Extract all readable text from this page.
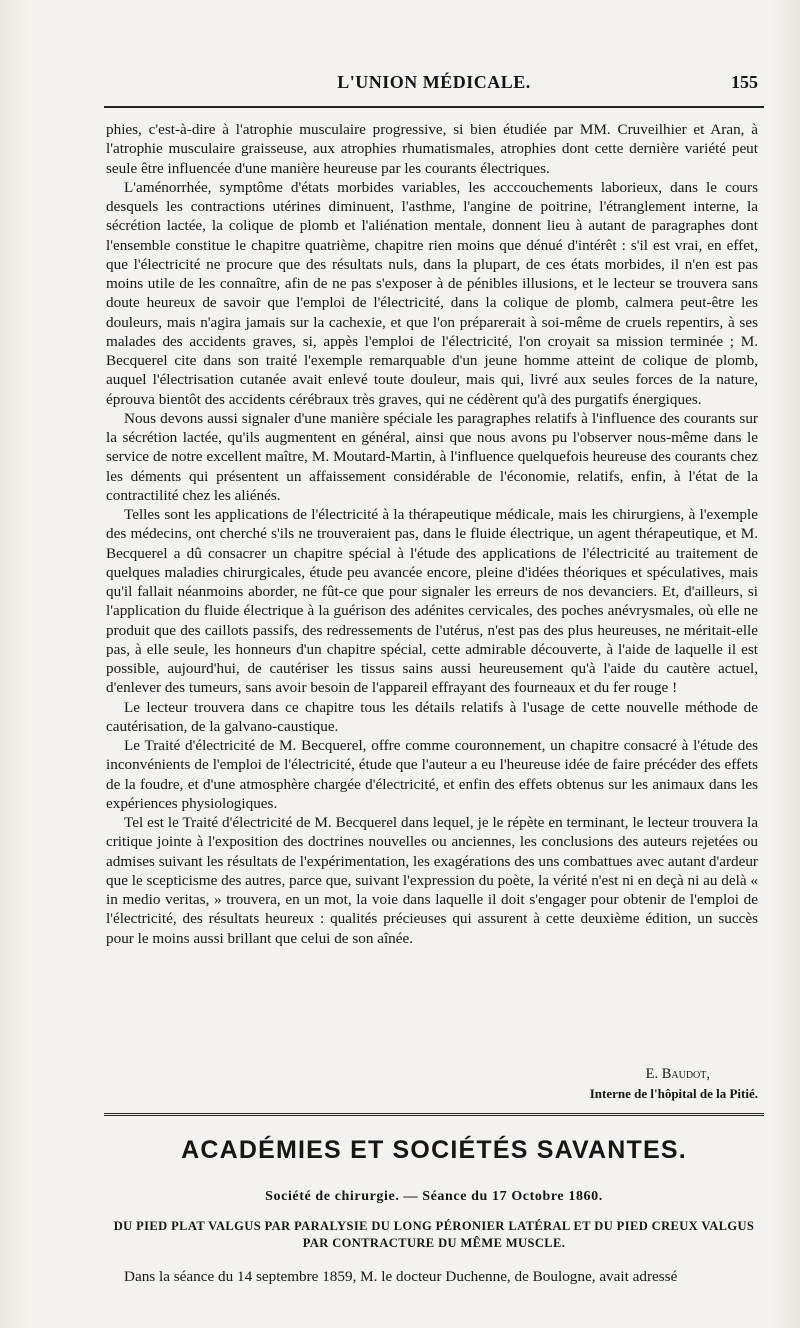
L'UNION MÉDICALE.	155

phies, c'est-à-dire à l'atrophie musculaire progressive, si bien étudiée par MM. Cruveilhier et Aran, à l'atrophie musculaire graisseuse, aux atrophies rhumatismales, atrophies dont cette dernière variété peut seule être influencée d'une manière heureuse par les courants électriques.

L'aménorrhée, symptôme d'états morbides variables, les acccouchements laborieux, dans le cours desquels les contractions utérines diminuent, l'asthme, l'angine de poitrine, l'étranglement interne, la sécrétion lactée, la colique de plomb et l'aliénation mentale, donnent lieu à autant de paragraphes dont l'ensemble constitue le chapitre quatrième, chapitre rien moins que dénué d'intérêt : s'il est vrai, en effet, que l'électricité ne procure que des résultats nuls, dans la plupart, de ces états morbides, il n'en est pas moins utile de les connaître, afin de ne pas s'exposer à de pénibles illusions, et le lecteur se trouvera sans doute heureux de savoir que l'emploi de l'électricité, dans la colique de plomb, calmera peut-être les douleurs, mais n'agira jamais sur la cachexie, et que l'on préparerait à soi-même de cruels repentirs, à ses malades des accidents graves, si, appès l'emploi de l'électricité, l'on croyait sa mission terminée ; M. Becquerel cite dans son traité l'exemple remarquable d'un jeune homme atteint de colique de plomb, auquel l'électrisation cutanée avait enlevé toute douleur, mais qui, livré aux seules forces de la nature, éprouva bientôt des accidents cérébraux très graves, qui ne cédèrent qu'à des purgatifs énergiques.

Nous devons aussi signaler d'une manière spéciale les paragraphes relatifs à l'influence des courants sur la sécrétion lactée, qu'ils augmentent en général, ainsi que nous avons pu l'observer nous-même dans le service de notre excellent maître, M. Moutard-Martin, à l'influence quelquefois heureuse des courants chez les déments qui présentent un affaissement considérable de l'économie, relatifs, enfin, à l'état de la contractilité chez les aliénés.

Telles sont les applications de l'électricité à la thérapeutique médicale, mais les chirurgiens, à l'exemple des médecins, ont cherché s'ils ne trouveraient pas, dans le fluide électrique, un agent thérapeutique, et M. Becquerel a dû consacrer un chapitre spécial à l'étude des applications de l'électricité au traitement de quelques maladies chirurgicales, étude peu avancée encore, pleine d'idées théoriques et spéculatives, mais qu'il fallait néanmoins aborder, ne fût-ce que pour signaler les erreurs de nos devanciers. Et, d'ailleurs, si l'application du fluide électrique à la guérison des adénites cervicales, des poches anévrysmales, où elle ne produit que des caillots passifs, des redressements de l'utérus, n'est pas des plus heureuses, ne méritait-elle pas, à elle seule, les honneurs d'un chapitre spécial, cette admirable découverte, à l'aide de laquelle il est possible, aujourd'hui, de cautériser les tissus sains aussi heureusement qu'à l'aide du cautère actuel, d'enlever des tumeurs, sans avoir besoin de l'appareil effrayant des fourneaux et du fer rouge !

Le lecteur trouvera dans ce chapitre tous les détails relatifs à l'usage de cette nouvelle méthode de cautérisation, de la galvano-caustique.

Le Traité d'électricité de M. Becquerel, offre comme couronnement, un chapitre consacré à l'étude des inconvénients de l'emploi de l'électricité, étude que l'auteur a eu l'heureuse idée de faire précéder des effets de la foudre, et d'une atmosphère chargée d'électricité, et enfin des effets obtenus sur les animaux dans les expériences physiologiques.

Tel est le Traité d'électricité de M. Becquerel dans lequel, je le répète en terminant, le lecteur trouvera la critique jointe à l'exposition des doctrines nouvelles ou anciennes, les conclusions des auteurs rejetées ou admises suivant les résultats de l'expérimentation, les exagérations des uns combattues avec autant d'ardeur que le scepticisme des autres, parce que, suivant l'expression du poète, la vérité n'est ni en deçà ni au delà « in medio veritas, » trouvera, en un mot, la voie dans laquelle il doit s'engager pour obtenir de l'emploi de l'électricité, des résultats heureux : qualités précieuses qui assurent à cette deuxième édition, un succès pour le moins aussi brillant que celui de son aînée.

E. Baudot,
Interne de l'hôpital de la Pitié.
ACADÉMIES ET SOCIÉTÉS SAVANTES.
Société de chirurgie. — Séance du 17 Octobre 1860.
DU PIED PLAT VALGUS PAR PARALYSIE DU LONG PÉRONIER LATÉRAL ET DU PIED CREUX VALGUS
PAR CONTRACTURE DU MÊME MUSCLE.
Dans la séance du 14 septembre 1859, M. le docteur Duchenne, de Boulogne, avait adressé
